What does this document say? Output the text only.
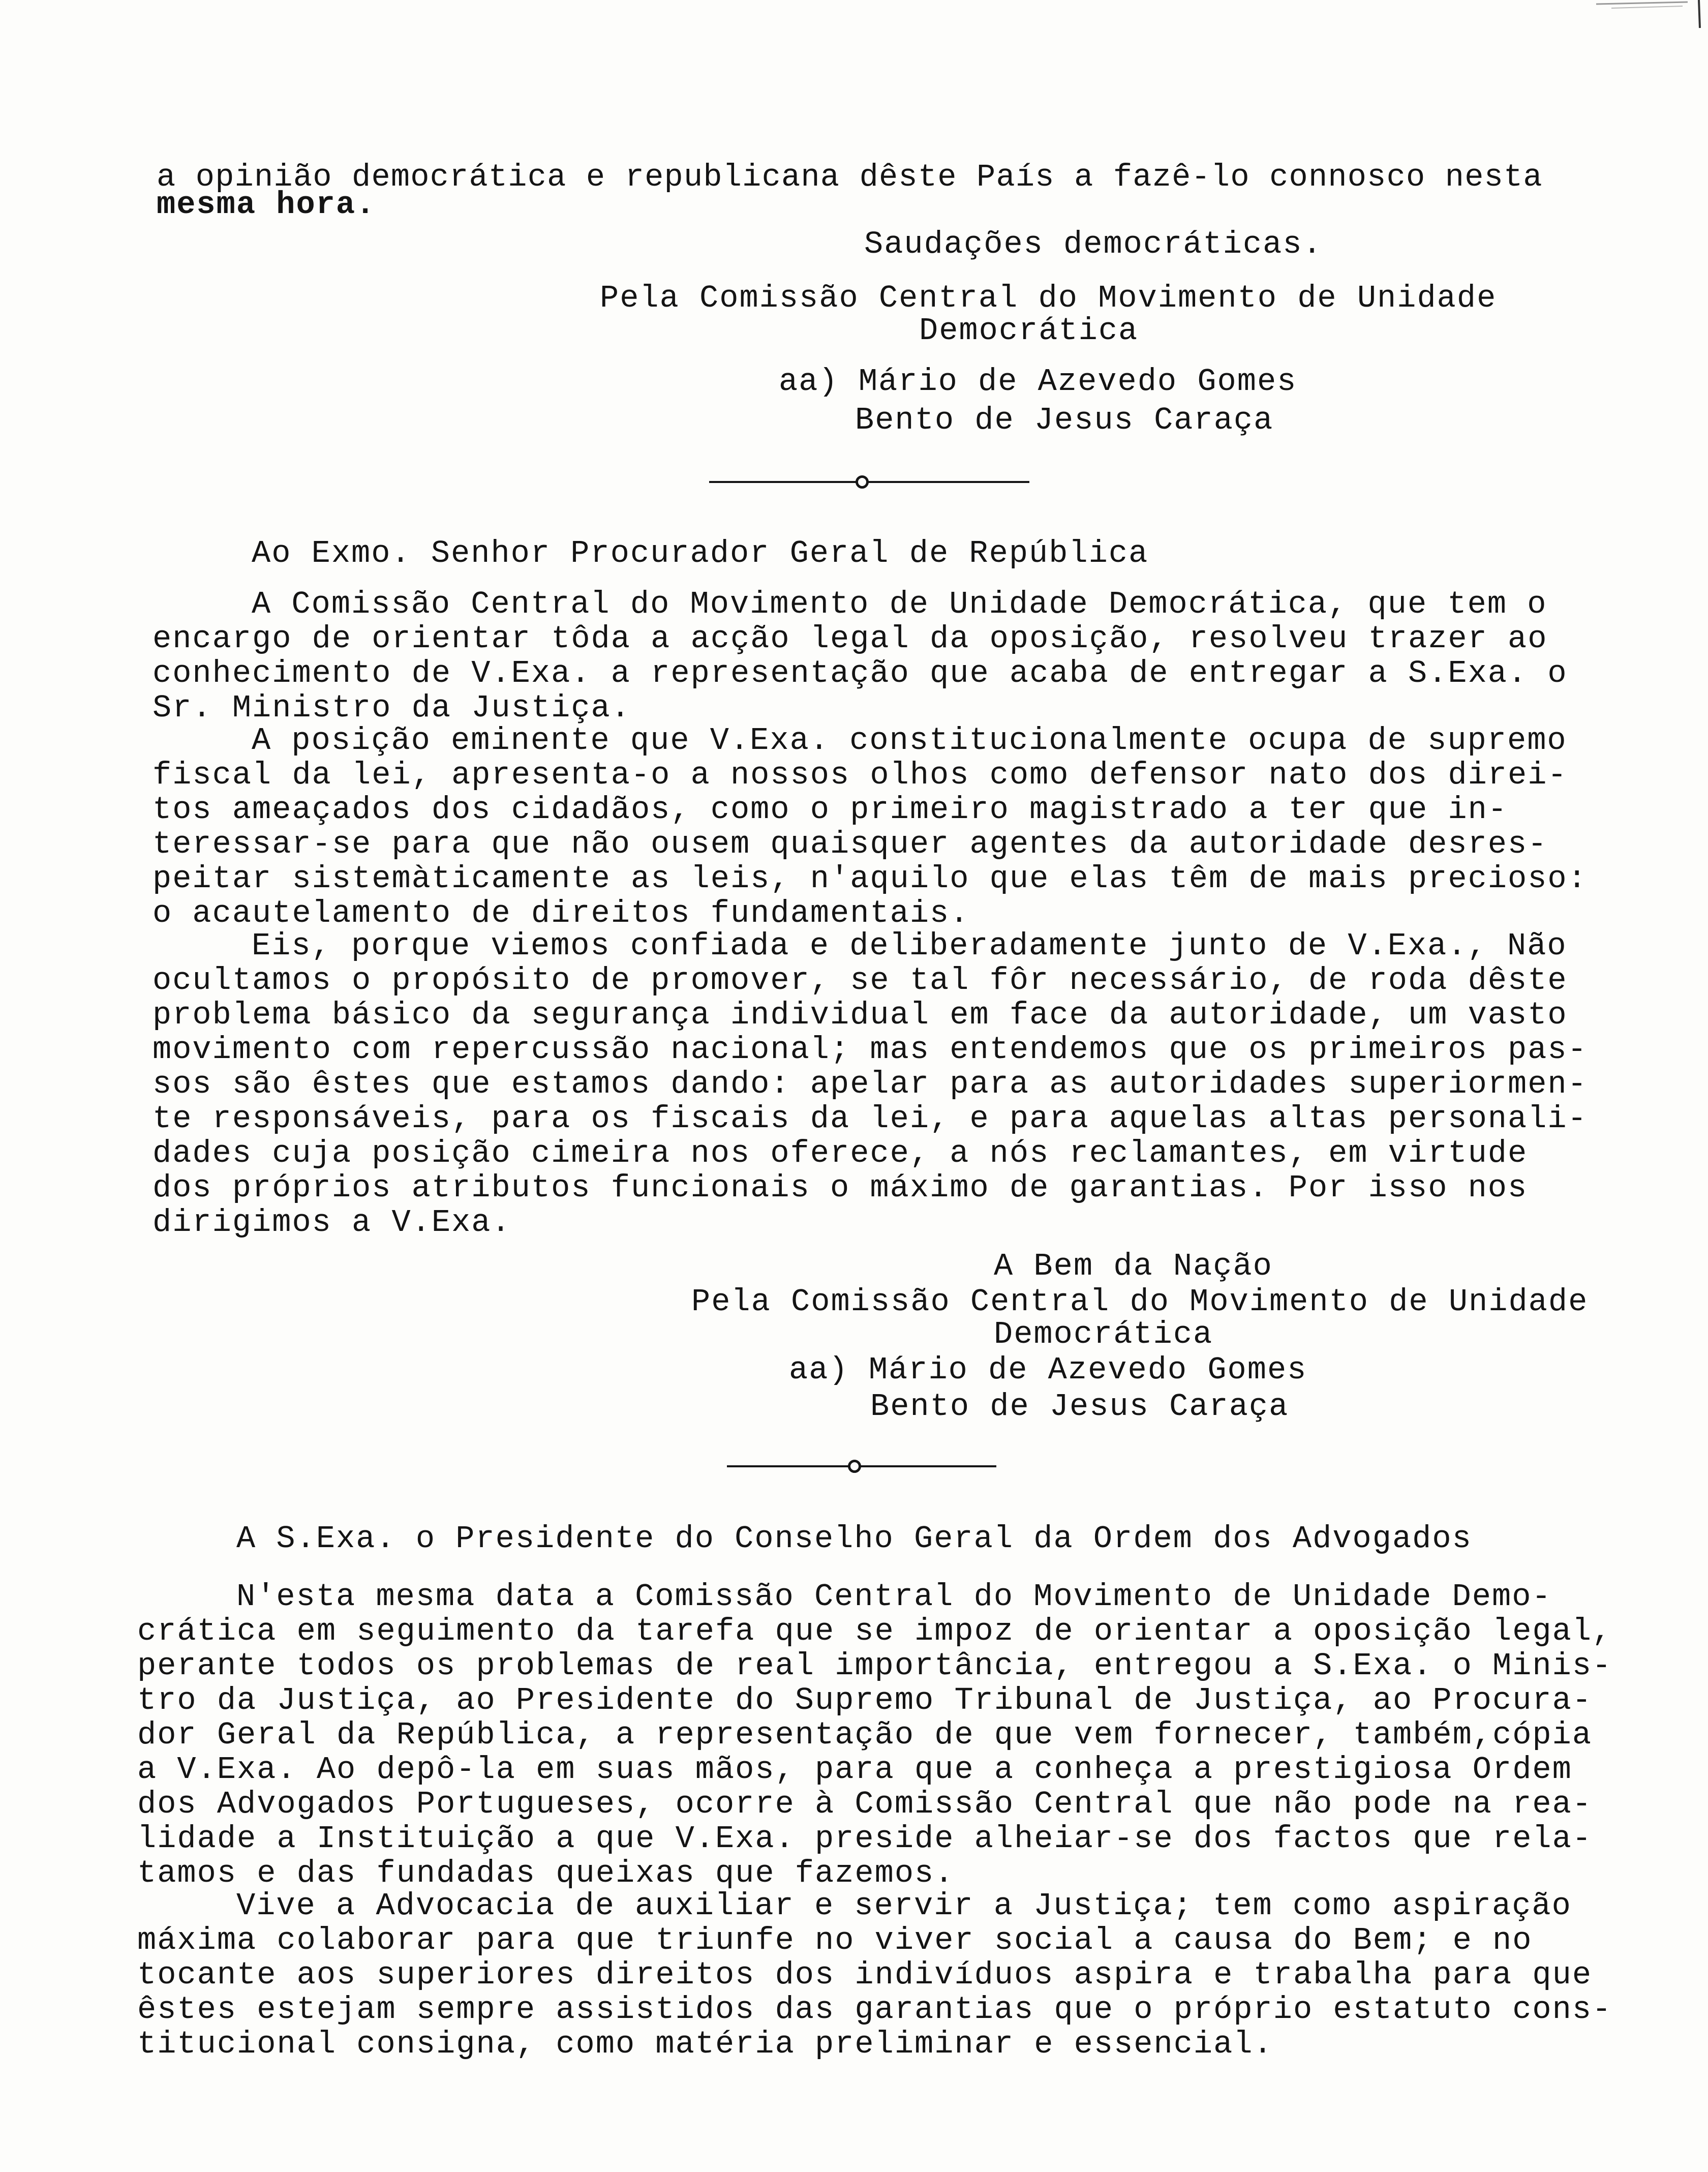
a opinião democrática e republicana dêste País a fazê-lo connosco nesta
mesma hora.
Saudações democráticas.
Pela Comissão Central do Movimento de Unidade
Democrática
aa) Mário de Azevedo Gomes
Bento de Jesus Caraça
Ao Exmo. Senhor Procurador Geral de República
A Comissão Central do Movimento de Unidade Democrática, que tem o
encargo de orientar tôda a acção legal da oposição, resolveu trazer ao
conhecimento de V.Exa. a representação que acaba de entregar a S.Exa. o
Sr. Ministro da Justiça.
A posição eminente que V.Exa. constitucionalmente ocupa de supremo
fiscal da lei, apresenta-o a nossos olhos como defensor nato dos direi-
tos ameaçados dos cidadãos, como o primeiro magistrado a ter que in-
teressar-se para que não ousem quaisquer agentes da autoridade desres-
peitar sistemàticamente as leis, n'aquilo que elas têm de mais precioso:
o acautelamento de direitos fundamentais.
Eis, porque viemos confiada e deliberadamente junto de V.Exa., Não
ocultamos o propósito de promover, se tal fôr necessário, de roda dêste
problema básico da segurança individual em face da autoridade, um vasto
movimento com repercussão nacional; mas entendemos que os primeiros pas-
sos são êstes que estamos dando: apelar para as autoridades superiormen-
te responsáveis, para os fiscais da lei, e para aquelas altas personali-
dades cuja posição cimeira nos oferece, a nós reclamantes, em virtude
dos próprios atributos funcionais o máximo de garantias. Por isso nos
dirigimos a V.Exa.
A Bem da Nação
Pela Comissão Central do Movimento de Unidade
Democrática
aa) Mário de Azevedo Gomes
Bento de Jesus Caraça
A S.Exa. o Presidente do Conselho Geral da Ordem dos Advogados
N'esta mesma data a Comissão Central do Movimento de Unidade Demo-
crática em seguimento da tarefa que se impoz de orientar a oposição legal,
perante todos os problemas de real importância, entregou a S.Exa. o Minis-
tro da Justiça, ao Presidente do Supremo Tribunal de Justiça, ao Procura-
dor Geral da República, a representação de que vem fornecer, também,cópia
a V.Exa. Ao depô-la em suas mãos, para que a conheça a prestigiosa Ordem
dos Advogados Portugueses, ocorre à Comissão Central que não pode na rea-
lidade a Instituição a que V.Exa. preside alheiar-se dos factos que rela-
tamos e das fundadas queixas que fazemos.
Vive a Advocacia de auxiliar e servir a Justiça; tem como aspiração
máxima colaborar para que triunfe no viver social a causa do Bem; e no
tocante aos superiores direitos dos indivíduos aspira e trabalha para que
êstes estejam sempre assistidos das garantias que o próprio estatuto cons-
titucional consigna, como matéria preliminar e essencial.
